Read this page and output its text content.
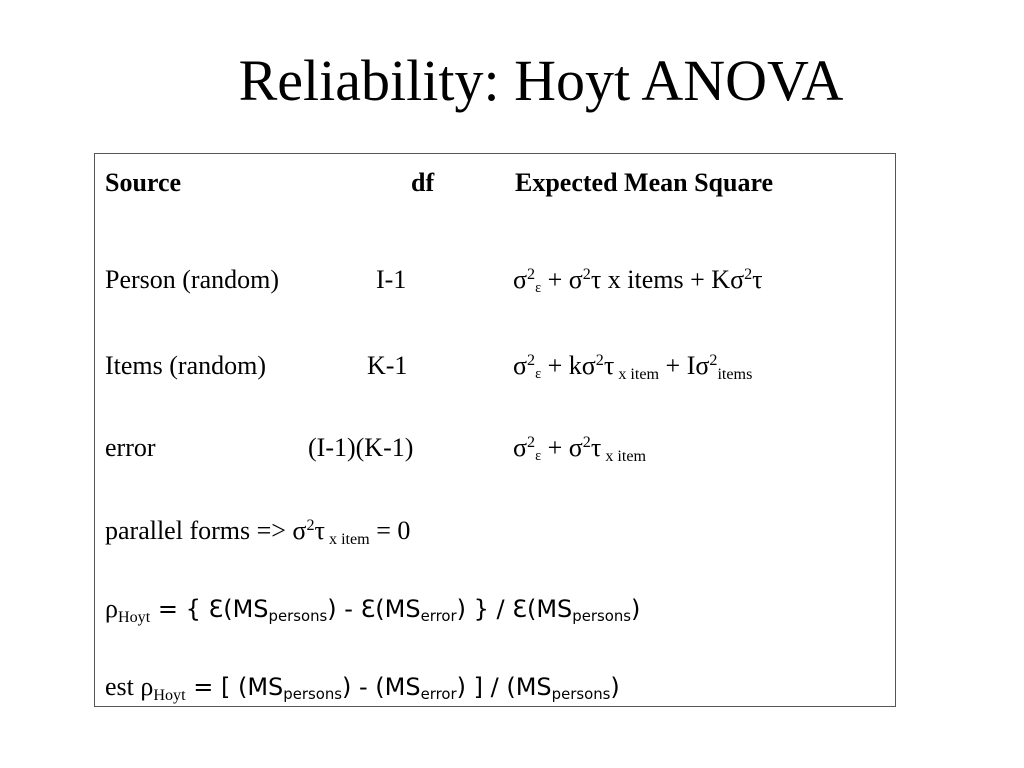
Reliability: Hoyt ANOVA
Source	df	Expected Mean Square
Person (random)	I-1	$\sigma^2_\varepsilon + \sigma^2\tau$ x items + $K\sigma^2\tau$
Items (random)	K-1	$\sigma^2_\varepsilon + k\sigma^2\tau$ $_{x item} + I\sigma^2_{items}$
error	(I-1)(K-1)	$\sigma^2_\varepsilon + \sigma^2\tau$ $_{x item}$
parallel forms => $\sigma^2\tau$ $_{x item}$ = 0
$\rho_{Hoyt}$ = { $Ɛ(MS_{persons})$ - $Ɛ(MS_{error})$ } / $Ɛ(MS_{persons})$
est $\rho_{Hoyt}$ = [ $(MS_{persons}) - (MS_{error})$ ] / $(MS_{persons})$
